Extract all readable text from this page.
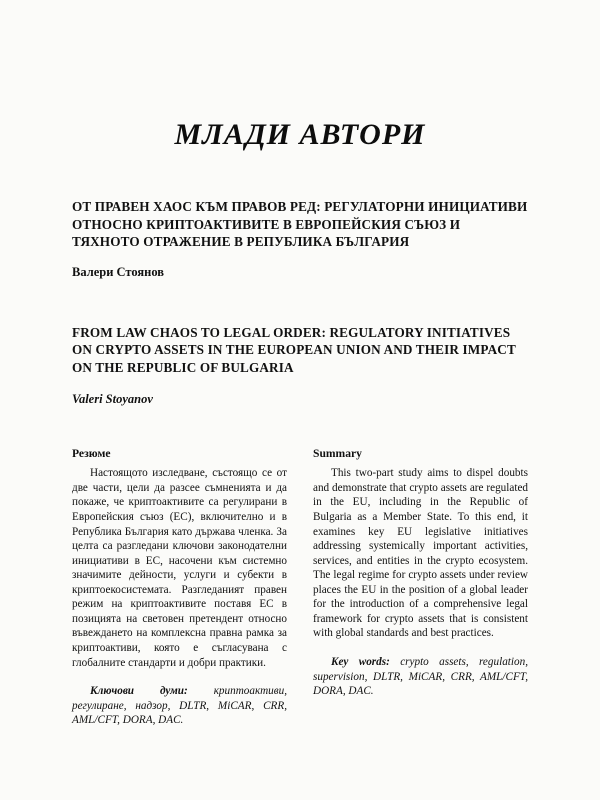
МЛАДИ АВТОРИ
ОТ ПРАВЕН ХАОС КЪМ ПРАВОВ РЕД: РЕГУЛАТОРНИ ИНИЦИАТИВИ ОТНОСНО КРИПТОАКТИВИТЕ В ЕВРОПЕЙСКИЯ СЪЮЗ И ТЯХНОТО ОТРАЖЕНИЕ В РЕПУБЛИКА БЪЛГАРИЯ
Валери Стоянов
FROM LAW CHAOS TO LEGAL ORDER: REGULATORY INITIATIVES ON CRYPTO ASSETS IN THE EUROPEAN UNION AND THEIR IMPACT ON THE REPUBLIC OF BULGARIA
Valeri Stoyanov
Резюме

Настоящото изследване, състоящо се от две части, цели да разсее съмненията и да покаже, че криптоактивите са регулирани в Европейския съюз (ЕС), включително и в Република България като държава членка. За целта са разгледани ключови законодателни инициативи в ЕС, насочени към системно значимите дейности, услуги и субекти в криптоекосистемата. Разгледаният правен режим на криптоактивите поставя ЕС в позицията на световен претендент относно въвеждането на комплексна правна рамка за криптоактиви, която е съгласувана с глобалните стандарти и добри практики.

Ключови думи: криптоактиви, регулиране, надзор, DLTR, MiCAR, CRR, AML/CFT, DORA, DAC.

Summary

This two-part study aims to dispel doubts and demonstrate that crypto assets are regulated in the EU, including in the Republic of Bulgaria as a Member State. To this end, it examines key EU legislative initiatives addressing systemically important activities, services, and entities in the crypto ecosystem. The legal regime for crypto assets under review places the EU in the position of a global leader for the introduction of a comprehensive legal framework for crypto assets that is consistent with global standards and best practices.

Key words: crypto assets, regulation, supervision, DLTR, MiCAR, CRR, AML/CFT, DORA, DAC.
